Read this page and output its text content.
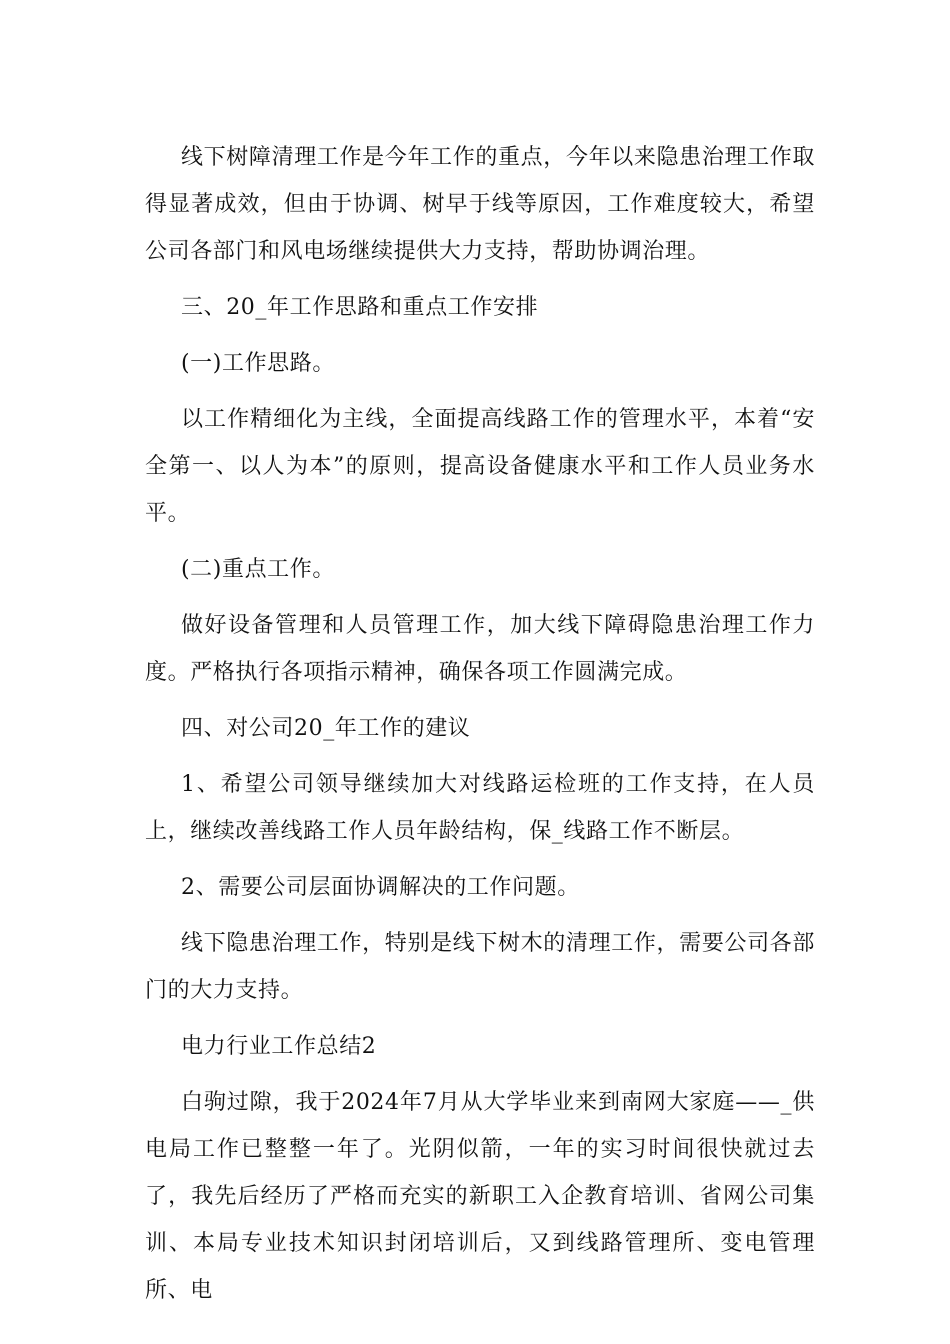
线下树障清理工作是今年工作的重点，今年以来隐患治理工作取得显著成效，但由于协调、树早于线等原因，工作难度较大，希望公司各部门和风电场继续提供大力支持，帮助协调治理。

三、20_年工作思路和重点工作安排

(一)工作思路。

以工作精细化为主线，全面提高线路工作的管理水平，本着“安全第一、以人为本”的原则，提高设备健康水平和工作人员业务水平。

(二)重点工作。

做好设备管理和人员管理工作，加大线下障碍隐患治理工作力度。严格执行各项指示精神，确保各项工作圆满完成。

四、对公司20_年工作的建议

1、希望公司领导继续加大对线路运检班的工作支持，在人员上，继续改善线路工作人员年龄结构，保_线路工作不断层。

2、需要公司层面协调解决的工作问题。

线下隐患治理工作，特别是线下树木的清理工作，需要公司各部门的大力支持。

电力行业工作总结2

白驹过隙，我于2024年7月从大学毕业来到南网大家庭——_供电局工作已整整一年了。光阴似箭，一年的实习时间很快就过去了，我先后经历了严格而充实的新职工入企教育培训、省网公司集训、本局专业技术知识封闭培训后，又到线路管理所、变电管理所、电
